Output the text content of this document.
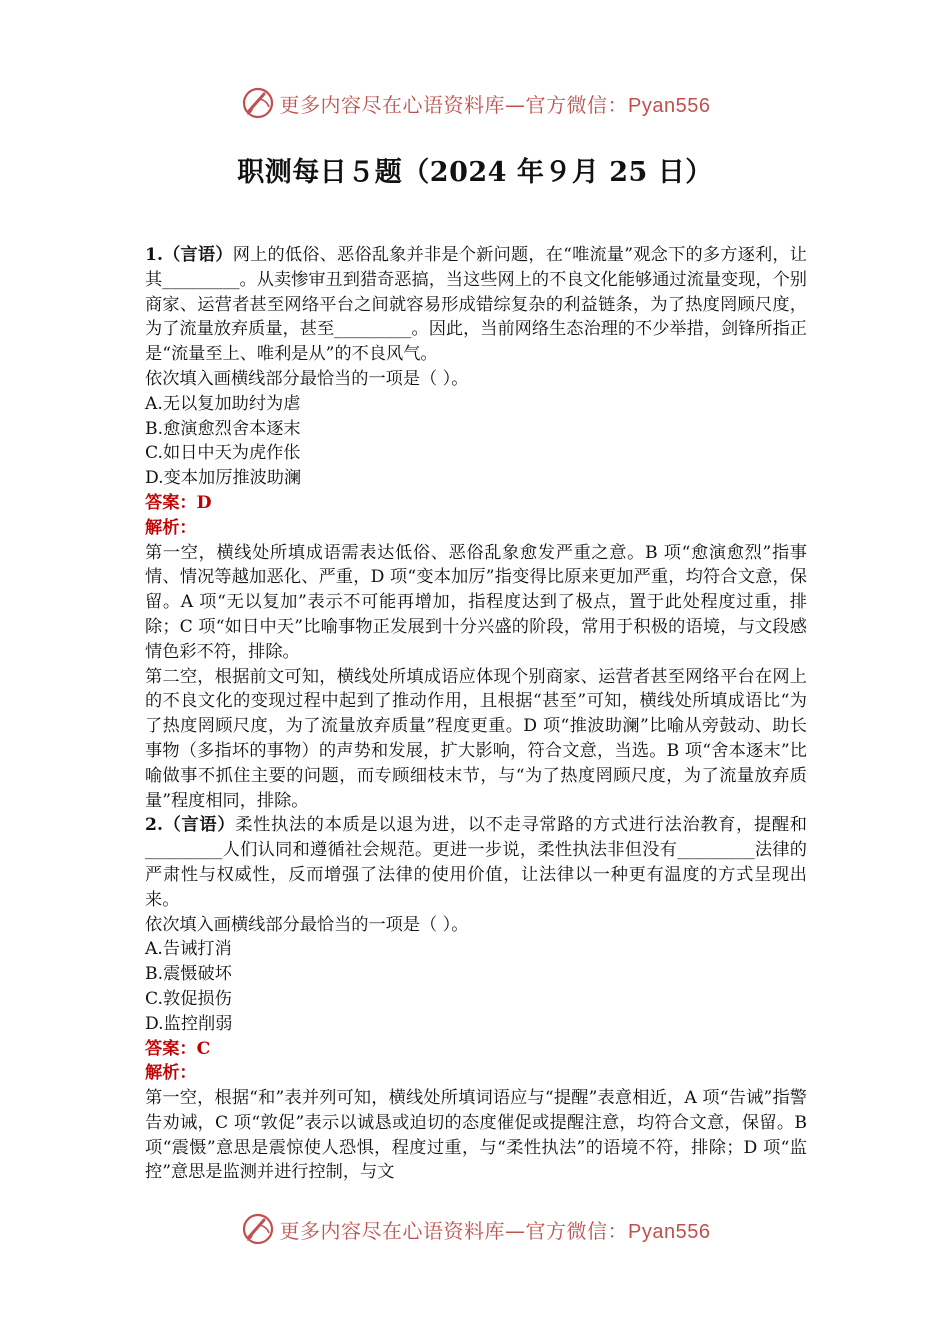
更多内容尽在心语资料库—官方微信：Pyan556
职测每日５题（2024 年９月 25 日）

1.（言语）网上的低俗、恶俗乱象并非是个新问题，在“唯流量”观念下的多方逐利，让其_________。从卖惨审丑到猎奇恶搞，当这些网上的不良文化能够通过流量变现，个别商家、运营者甚至网络平台之间就容易形成错综复杂的利益链条，为了热度罔顾尺度，为了流量放弃质量，甚至_________。因此，当前网络生态治理的不少举措，剑锋所指正是“流量至上、唯利是从”的不良风气。

依次填入画横线部分最恰当的一项是（ ）。

A.无以复加助纣为虐

B.愈演愈烈舍本逐末

C.如日中天为虎作伥

D.变本加厉推波助澜

答案：D

解析：

第一空，横线处所填成语需表达低俗、恶俗乱象愈发严重之意。B 项“愈演愈烈”指事情、情况等越加恶化、严重，D 项“变本加厉”指变得比原来更加严重，均符合文意，保留。A 项“无以复加”表示不可能再增加，指程度达到了极点，置于此处程度过重，排除；C 项“如日中天”比喻事物正发展到十分兴盛的阶段，常用于积极的语境，与文段感情色彩不符，排除。

第二空，根据前文可知，横线处所填成语应体现个别商家、运营者甚至网络平台在网上的不良文化的变现过程中起到了推动作用，且根据“甚至”可知，横线处所填成语比“为了热度罔顾尺度，为了流量放弃质量”程度更重。D 项“推波助澜”比喻从旁鼓动、助长事物（多指坏的事物）的声势和发展，扩大影响，符合文意，当选。B 项“舍本逐末”比喻做事不抓住主要的问题，而专顾细枝末节，与“为了热度罔顾尺度，为了流量放弃质量”程度相同，排除。

2.（言语）柔性执法的本质是以退为进，以不走寻常路的方式进行法治教育，提醒和_________人们认同和遵循社会规范。更进一步说，柔性执法非但没有_________法律的严肃性与权威性，反而增强了法律的使用价值，让法律以一种更有温度的方式呈现出来。

依次填入画横线部分最恰当的一项是（ ）。

A.告诫打消

B.震慑破坏

C.敦促损伤

D.监控削弱

答案：C

解析：

第一空，根据“和”表并列可知，横线处所填词语应与“提醒”表意相近，A 项“告诫”指警告劝诫，C 项“敦促”表示以诚恳或迫切的态度催促或提醒注意，均符合文意，保留。B 项“震慑”意思是震惊使人恐惧，程度过重，与“柔性执法”的语境不符，排除；D 项“监控”意思是监测并进行控制，与文

更多内容尽在心语资料库—官方微信：Pyan556
